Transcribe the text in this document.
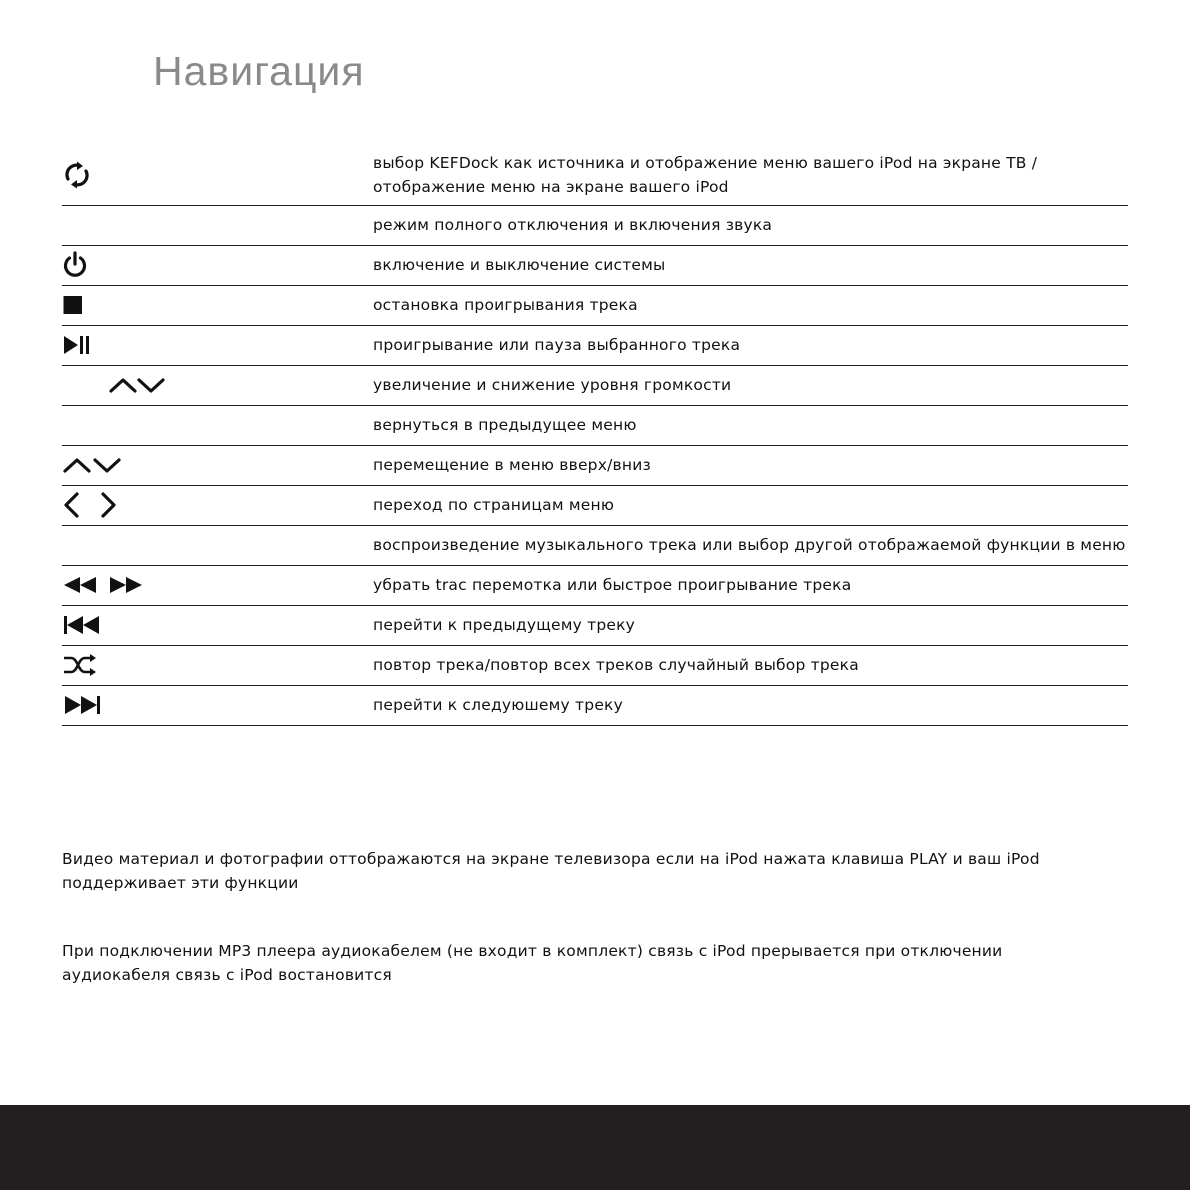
Навигация
выбор KEFDock как источника и отображение меню вашего iPod на экране ТВ /
отображение меню на экране вашего iPod
режим полного отключения и включения звука
включение и выключение системы
остановка проигрывания трека
проигрывание или пауза выбранного трека
увеличение и снижение уровня громкости
вернуться в предыдущее меню
перемещение в меню вверх/вниз
переход по страницам меню
воспроизведение музыкального трека или выбор другой отображаемой функции в меню
убрать trac перемотка или быстрое проигрывание трека
перейти к предыдущему треку
повтор трека/повтор всех треков случайный выбор трека
перейти к следуюшему треку

Видео материал и фотографии оттображаются на экране телевизора если на iPod нажата клавиша PLAY и ваш iPod
поддерживает эти функции

При подключении MP3 плеера аудиокабелем (не входит в комплект) связь с iPod прерывается при отключении
аудиокабеля связь с iPod востановится
